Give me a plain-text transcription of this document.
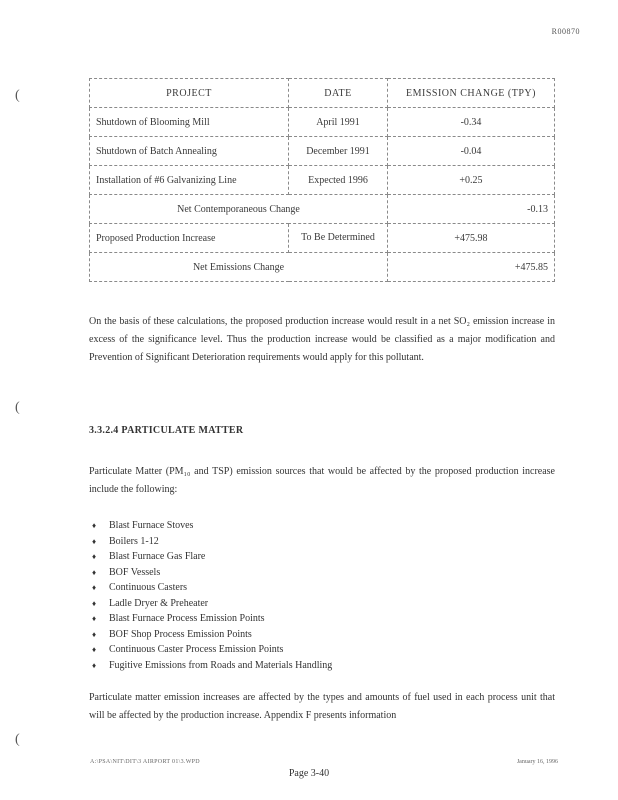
R00870
(
(
(
PROJECT	DATE	EMISSION CHANGE (TPY)
Shutdown of Blooming Mill	April 1991	-0.34
Shutdown of Batch Annealing	December 1991	-0.04
Installation of #6 Galvanizing Line	Expected 1996	+0.25
Net Contemporaneous Change		-0.13
Proposed Production Increase	To Be Determined	+475.98
Net Emissions Change		+475.85

On the basis of these calculations, the proposed production increase would result in a net SO₂ emission increase in excess of the significance level. Thus the production increase would be classified as a major modification and Prevention of Significant Deterioration requirements would apply for this pollutant.

3.3.2.4 PARTICULATE MATTER

Particulate Matter (PM₁₀ and TSP) emission sources that would be affected by the proposed production increase include the following:

♦ Blast Furnace Stoves
♦ Boilers 1-12
♦ Blast Furnace Gas Flare
♦ BOF Vessels
♦ Continuous Casters
♦ Ladle Dryer & Preheater
♦ Blast Furnace Process Emission Points
♦ BOF Shop Process Emission Points
♦ Continuous Caster Process Emission Points
♦ Fugitive Emissions from Roads and Materials Handling

Particulate matter emission increases are affected by the types and amounts of fuel used in each process unit that will be affected by the production increase. Appendix F presents information

A:\PSA\NIT\DIT\3 AIRPORT 01\3.WPD	January 16, 1996
Page 3-40
